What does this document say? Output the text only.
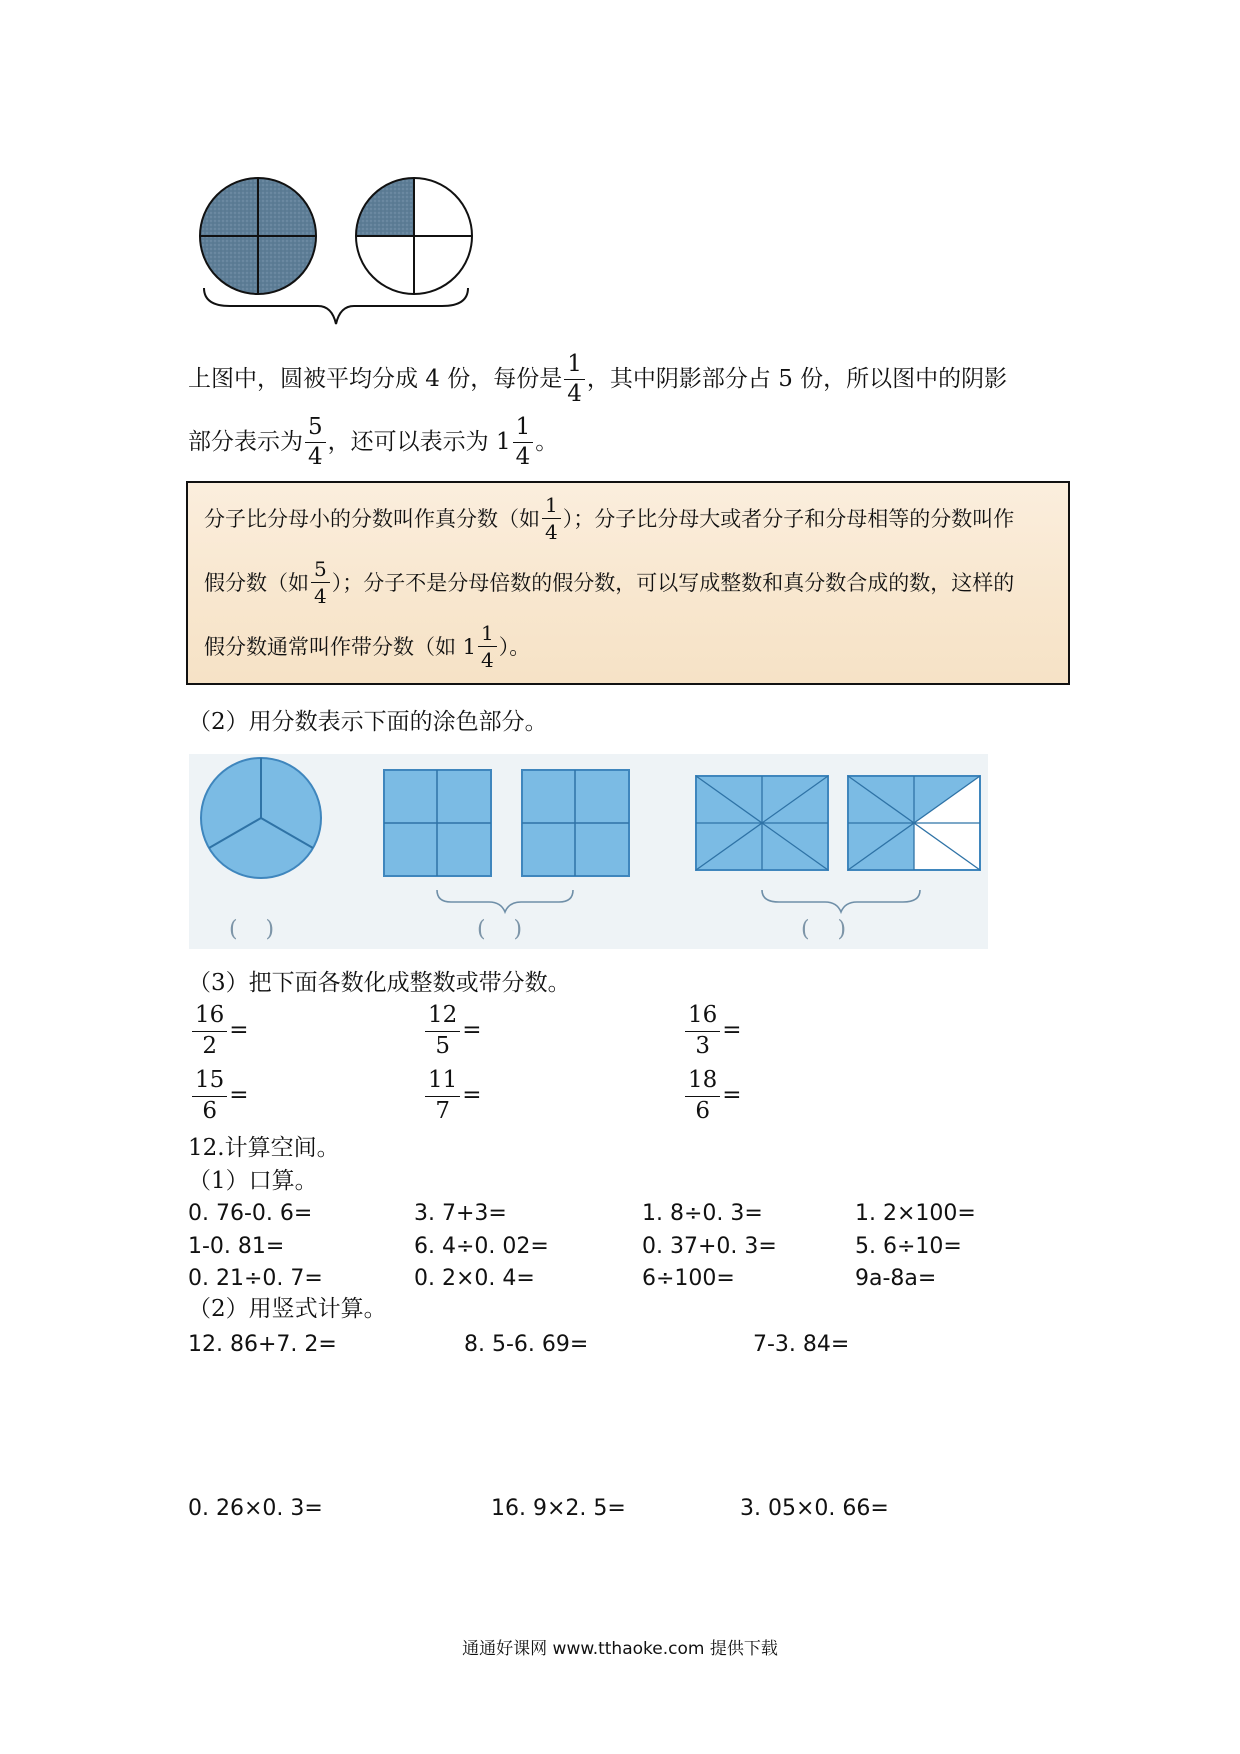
上图中，圆被平均分成 4 份，每份是 $\frac{1}{4}$ ，其中阴影部分占 5 份，所以图中的阴影
部分表示为 $\frac{5}{4}$ ，还可以表示为 $1 \frac{1}{4}$ 。
分子比分母小的分数叫作真分数（如 $\frac{1}{4}$ ）；分子比分母大或者分子和分母相等的分数叫作
假分数（如 $\frac{5}{4}$ ）；分子不是分母倍数的假分数，可以写成整数和真分数合成的数，这样的
假分数通常叫作带分数（如 $1 \frac{1}{4}$ ）。
（2）用分数表示下面的涂色部分。
(    )	(    )	(    )
（3）把下面各数化成整数或带分数。
$\frac{16}{2}$ =	$\frac{12}{5}$ =	$\frac{16}{3}$ =
$\frac{15}{6}$ =	$\frac{11}{7}$ =	$\frac{18}{6}$ =
12.计算空间。
（1）口算。
0. 76-0. 6=	3. 7+3=	1. 8÷0. 3=	1. 2×100=
1-0. 81=	6. 4÷0. 02=	0. 37+0. 3=	5. 6÷10=
0. 21÷0. 7=	0. 2×0. 4=	6÷100=	9a-8a=
（2）用竖式计算。
12. 86+7. 2=	8. 5-6. 69=	7-3. 84=
0. 26×0. 3=	16. 9×2. 5=	3. 05×0. 66=
通通好课网 www.tthaoke.com 提供下载
